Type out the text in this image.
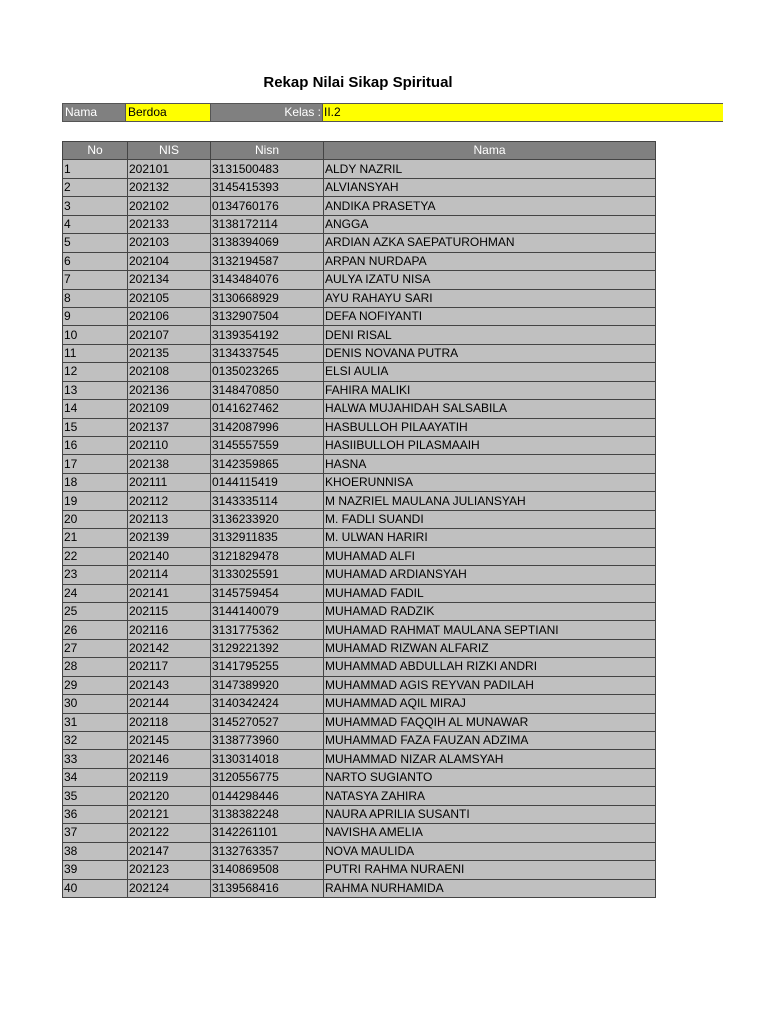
Rekap Nilai Sikap Spiritual
Nama	Berdoa	Kelas : II.2
No	NIS	Nisn	Nama
1	202101	3131500483	ALDY NAZRIL
2	202132	3145415393	ALVIANSYAH
3	202102	0134760176	ANDIKA PRASETYA
4	202133	3138172114	ANGGA
5	202103	3138394069	ARDIAN AZKA SAEPATUROHMAN
6	202104	3132194587	ARPAN NURDAPA
7	202134	3143484076	AULYA IZATU NISA
8	202105	3130668929	AYU RAHAYU SARI
9	202106	3132907504	DEFA NOFIYANTI
10	202107	3139354192	DENI RISAL
11	202135	3134337545	DENIS NOVANA PUTRA
12	202108	0135023265	ELSI AULIA
13	202136	3148470850	FAHIRA MALIKI
14	202109	0141627462	HALWA MUJAHIDAH SALSABILA
15	202137	3142087996	HASBULLOH PILAAYATIH
16	202110	3145557559	HASIIBULLOH PILASMAAIH
17	202138	3142359865	HASNA
18	202111	0144115419	KHOERUNNISA
19	202112	3143335114	M NAZRIEL MAULANA JULIANSYAH
20	202113	3136233920	M. FADLI SUANDI
21	202139	3132911835	M. ULWAN HARIRI
22	202140	3121829478	MUHAMAD ALFI
23	202114	3133025591	MUHAMAD ARDIANSYAH
24	202141	3145759454	MUHAMAD FADIL
25	202115	3144140079	MUHAMAD RADZIK
26	202116	3131775362	MUHAMAD RAHMAT MAULANA SEPTIANI
27	202142	3129221392	MUHAMAD RIZWAN ALFARIZ
28	202117	3141795255	MUHAMMAD ABDULLAH RIZKI ANDRI
29	202143	3147389920	MUHAMMAD AGIS REYVAN PADILAH
30	202144	3140342424	MUHAMMAD AQIL MIRAJ
31	202118	3145270527	MUHAMMAD FAQQIH AL MUNAWAR
32	202145	3138773960	MUHAMMAD FAZA FAUZAN ADZIMA
33	202146	3130314018	MUHAMMAD NIZAR ALAMSYAH
34	202119	3120556775	NARTO SUGIANTO
35	202120	0144298446	NATASYA ZAHIRA
36	202121	3138382248	NAURA APRILIA SUSANTI
37	202122	3142261101	NAVISHA AMELIA
38	202147	3132763357	NOVA MAULIDA
39	202123	3140869508	PUTRI RAHMA NURAENI
40	202124	3139568416	RAHMA NURHAMIDA
